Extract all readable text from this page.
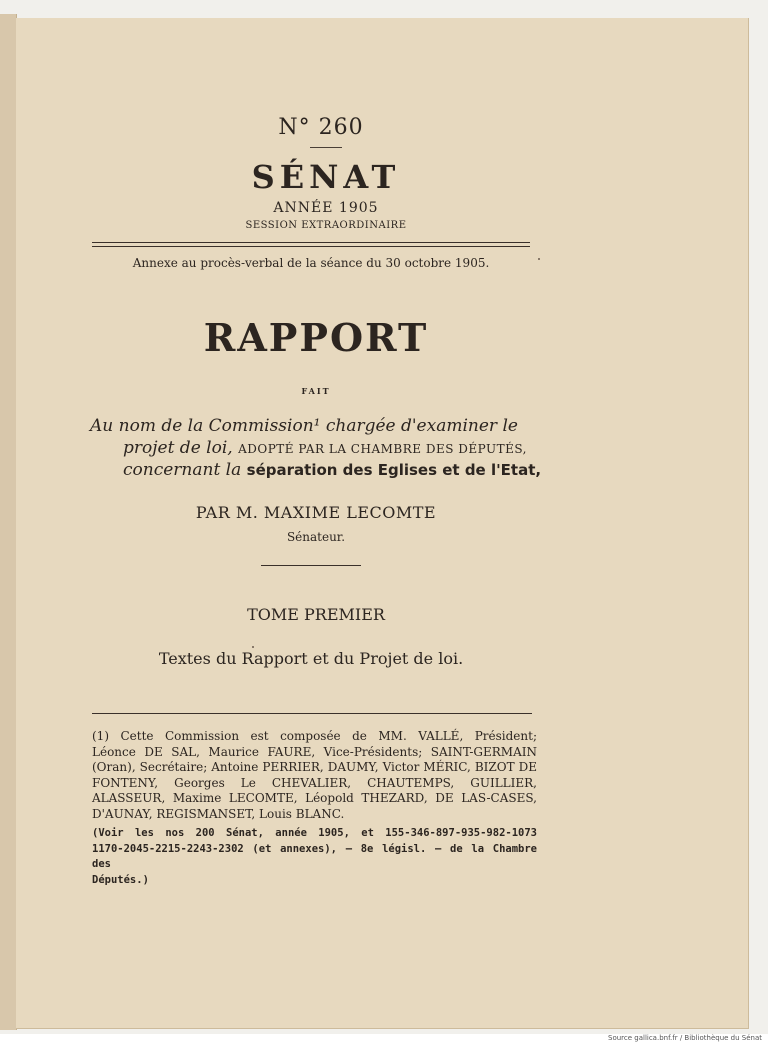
N° 260
SÉNAT
ANNÉE 1905
SESSION EXTRAORDINAIRE
Annexe au procès-verbal de la séance du 30 octobre 1905.
RAPPORT
FAIT
Au nom de la Commission¹ chargée d'examiner le
projet de loi, ADOPTÉ PAR LA CHAMBRE DES DÉPUTÉS,
concernant la séparation des Eglises et de l'Etat,
PAR M. MAXIME LECOMTE
Sénateur.
TOME PREMIER
Textes du Rapport et du Projet de loi.
(1) Cette Commission est composée de MM. VALLÉ, Président;
Léonce DE SAL, Maurice FAURE, Vice-Présidents; SAINT-GERMAIN
(Oran), Secrétaire; Antoine PERRIER, DAUMY, Victor MÉRIC, BIZOT DE
FONTENY, Georges Le CHEVALIER, CHAUTEMPS, GUILLIER,
ALASSEUR, Maxime LECOMTE, Léopold THEZARD, DE LAS-CASES,
D'AUNAY, REGISMANSET, Louis BLANC.
(Voir les nos 200 Sénat, année 1905, et 155-346-897-935-982-1073
1170-2045-2215-2243-2302 (et annexes), — 8e législ. — de la Chambre des
Députés.)
Source gallica.bnf.fr / Bibliothèque du Sénat
